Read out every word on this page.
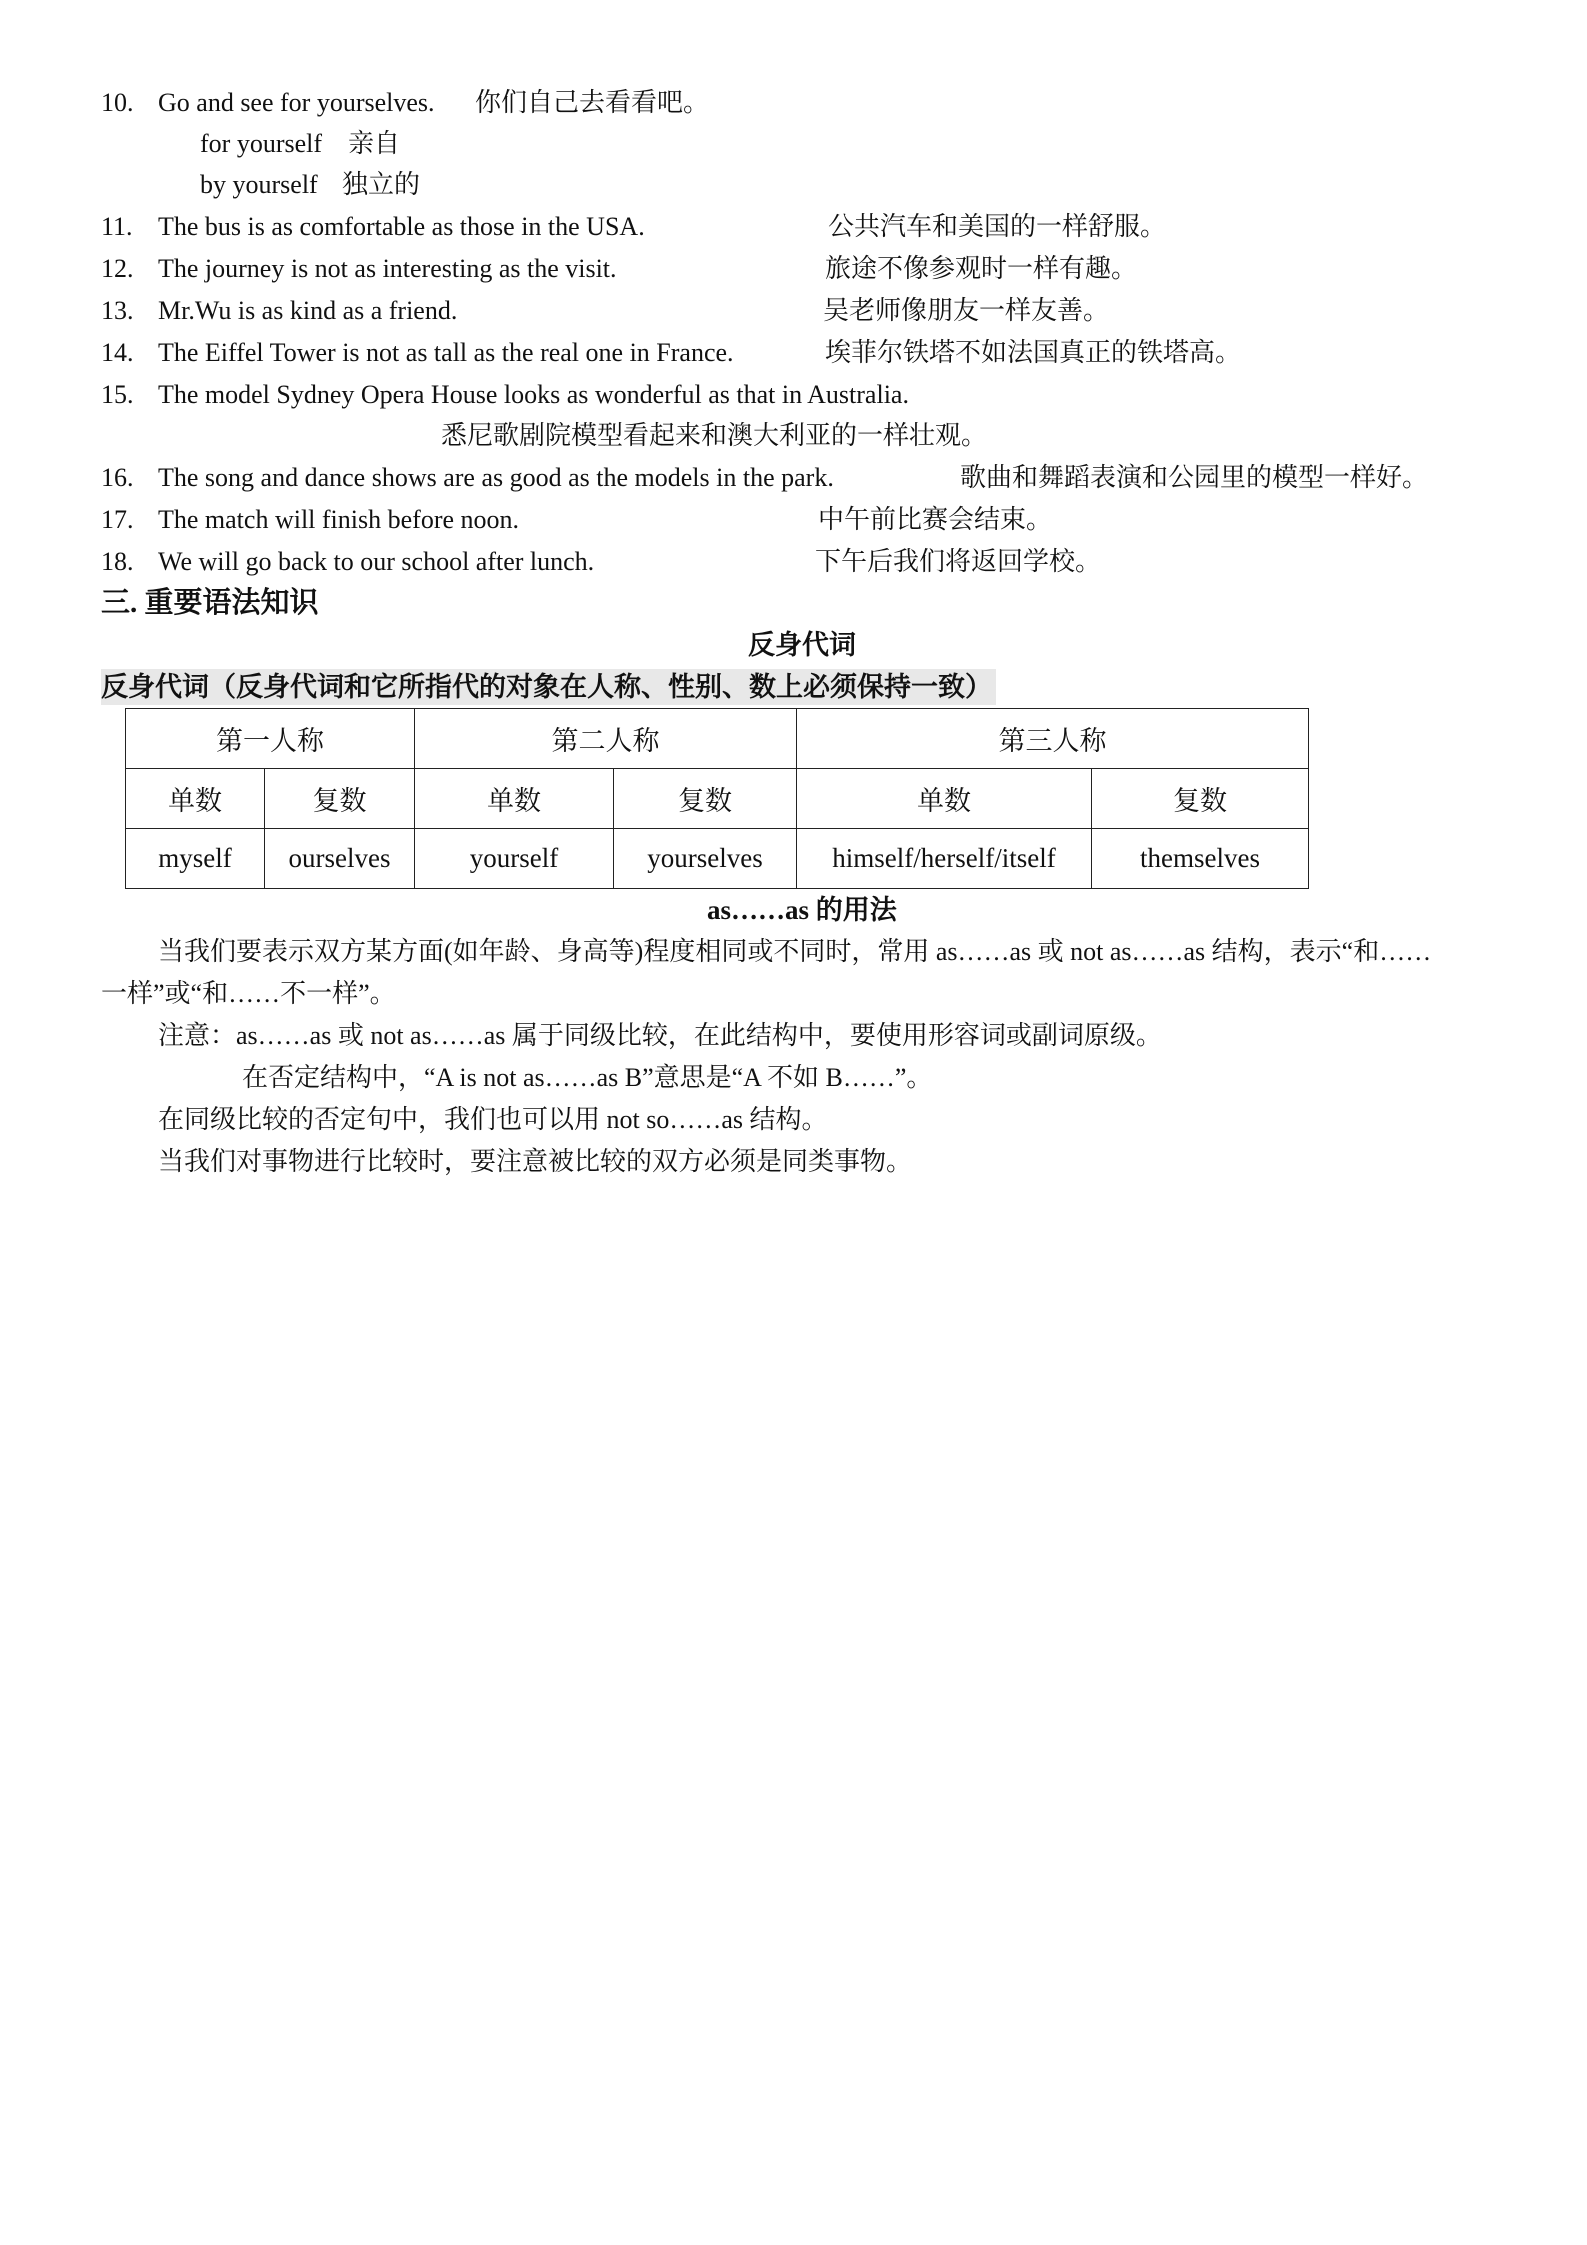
10. Go and see for yourselves. 你们自己去看看吧。
for yourself 亲自
by yourself 独立的
11. The bus is as comfortable as those in the USA.	公共汽车和美国的一样舒服。
12. The journey is not as interesting as the visit.	旅途不像参观时一样有趣。
13. Mr.Wu is as kind as a friend.	吴老师像朋友一样友善。
14. The Eiffel Tower is not as tall as the real one in France.	埃菲尔铁塔不如法国真正的铁塔高。
15. The model Sydney Opera House looks as wonderful as that in Australia.
悉尼歌剧院模型看起来和澳大利亚的一样壮观。
16. The song and dance shows are as good as the models in the park.	歌曲和舞蹈表演和公园里的模型一样好。
17. The match will finish before noon.	中午前比赛会结束。
18. We will go back to our school after lunch.	下午后我们将返回学校。
三. 重要语法知识
反身代词
反身代词（反身代词和它所指代的对象在人称、性别、数上必须保持一致）
第一人称		第二人称		第三人称	
单数	复数	单数	复数	单数	复数
myself	ourselves	yourself	yourselves	himself/herself/itself	themselves
as……as 的用法
当我们要表示双方某方面(如年龄、身高等)程度相同或不同时，常用 as……as 或 not as……as 结构，表示“和……
一样”或“和……不一样”。
注意：as……as 或 not as……as 属于同级比较，在此结构中，要使用形容词或副词原级。
在否定结构中，“A is not as……as B”意思是“A 不如 B……”。
在同级比较的否定句中，我们也可以用 not so……as 结构。
当我们对事物进行比较时，要注意被比较的双方必须是同类事物。
